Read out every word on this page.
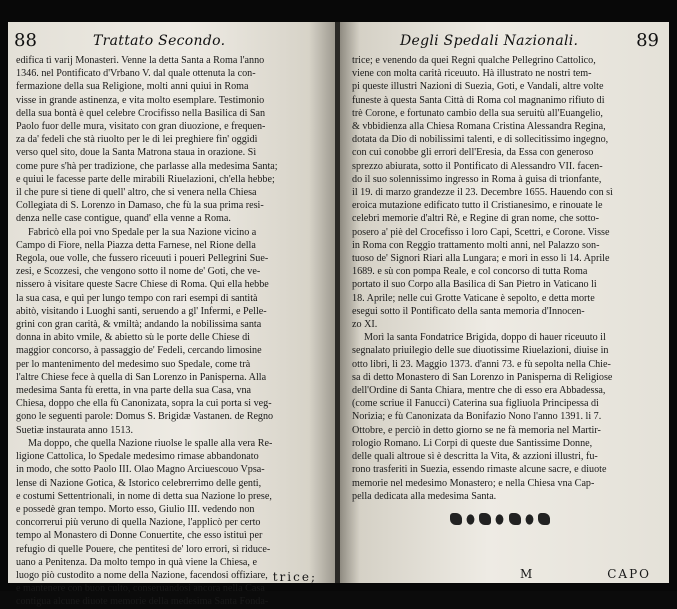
88	Trattato Secondo.

edifica tì varij Monasterì. Venne la detta Santa a Roma l'anno

1346. nel Pontificato d'Vrbano V. dal quale ottenuta la con-

fermazione della sua Religione, molti anni quiui in Roma

visse in grande astinenza, e vita molto esemplare. Testimonio

della sua bontà è quel celebre Crocifisso nella Basilica di San

Paolo fuor delle mura, visitato con gran diuozione, e frequen-

za da' fedeli che stà riuolto per le di lei preghiere fin' oggidì

verso quel sito, doue la Santa Matrona staua in orazione. Sì

come pure s'hà per tradizione, che parlasse alla medesima Santa;

e quiui le facesse parte delle mirabili Riuelazioni, ch'ella hebbe;

il che pure si tiene di quell' altro, che si venera nella Chiesa

Collegiata di S. Lorenzo in Damaso, che fù la sua prima resi-

denza nelle case contigue, quand' ella venne a Roma.

Fabricò ella poi vno Spedale per la sua Nazione vicino a

Campo di Fiore, nella Piazza detta Farnese, nel Rione della

Regola, oue volle, che fussero riceuuti i poueri Pellegrini Sue-

zesi, e Scozzesi, che vengono sotto il nome de' Goti, che ve-

nissero à visitare queste Sacre Chiese di Roma. Quì ella hebbe

la sua casa, e quì per lungo tempo con rari esempi di santità

abitò, visitando i Luoghi santi, seruendo a gl' Infermi, e Pelle-

grini con gran carità, & vmiltà; andando la nobilissima santa

donna in abito vmile, & abietto sù le porte delle Chiese di

maggior concorso, à passaggio de' Fedeli, cercando limosine

per lo mantenimento del medesimo suo Spedale, come trà

l'altre Chiese fece à quella di San Lorenzo in Panisperna. Alla

medesima Santa fù eretta, in vna parte della sua Casa, vna

Chiesa, doppo che ella fù Canonizata, sopra la cui porta si veg-

gono le seguenti parole: Domus S. Brigidæ Vastanen. de Regno

Suetiæ instaurata anno 1513.

Ma doppo, che quella Nazione riuolse le spalle alla vera Re-

ligione Cattolica, lo Spedale medesimo rimase abbandonato

in modo, che sotto Paolo III. Olao Magno Arciuescouo Vpsa-

lense di Nazione Gotica, & Istorico celebrerrimo delle genti,

e costumi Settentrionali, in nome di detta sua Nazione lo prese,

e possedè gran tempo. Morto esso, Giulio III. vedendo non

concorrerui più veruno di quella Nazione, l'applicò per certo

tempo al Monastero di Donne Conuertite, che esso istituì per

refugio di quelle Pouere, che pentitesi de' loro errori, sì riduce-

uano a Penitenza. Da molto tempo in quà viene la Chiesa, e

luogo piò custodito a nome della Nazione, facendosi offiziare,

e mantenere con buon culto, conseruandosi ancora nella Casa

contigua alcune diuote memorie della medesima Santa Fonda-

trice;
Degli Spedali Nazionali.	89

trice; e venendo da quei Regni qualche Pellegrino Cattolico,

viene con molta carità riceuuto. Hà illustrato ne nostri tem-

pi queste illustri Nazioni di Suezia, Goti, e Vandali, altre volte

funeste à questa Santa Città di Roma col magnanimo rifiuto di

trè Corone, e fortunato cambio della sua seruitù all'Euangelio,

& vbbidienza alla Chiesa Romana Cristina Alessandra Regina,

dotata da Dio di nobilissimi talenti, e di sollecitissimo ingegno,

con cui conobbe gli errori dell'Eresia, da Essa con generoso

sprezzo abiurata, sotto il Pontificato di Alessandro VII. facen-

do il suo solennissimo ingresso in Roma à guisa di trionfante,

il 19. di marzo grandezze il 23. Decembre 1655. Hauendo con sì

eroica mutazione edificato tutto il Cristianesimo, e rinouate le

celebri memorie d'altri Rè, e Regine di gran nome, che sotto-

posero a' piè del Crocefisso i loro Capi, Scettri, e Corone. Visse

in Roma con Reggio trattamento molti anni, nel Palazzo son-

tuoso de' Signori Riari alla Lungara; e morì in esso li 14. Aprile

1689. e sù con pompa Reale, e col concorso di tutta Roma

portato il suo Corpo alla Basilica di San Pietro in Vaticano li

18. Aprile; nelle cui Grotte Vaticane è sepolto, e detta morte

esegui sotto il Pontificato della santa memoria d'Innocen-

zo XI.

Morì la santa Fondatrice Brigida, doppo di hauer riceuuto il

segnalato priuilegio delle sue diuotissime Riuelazioni, diuise in

otto libri, li 23. Maggio 1373. d'anni 73. e fù sepolta nella Chie-

sa di detto Monastero di San Lorenzo in Panisperna di Religiose

dell'Ordine di Santa Chiara, mentre che di esso era Abbadessa,

(come scriue il Fanucci) Caterina sua figliuola Principessa di

Norizia; e fù Canonizata da Bonifazio Nono l'anno 1391. li 7.

Ottobre, e perciò in detto giorno se ne fà memoria nel Martir-

rologio Romano. Li Corpi di queste due Santissime Donne,

delle quali altroue sì è descritta la Vita, & azzioni illustri, fu-

rono trasferiti in Suezia, essendo rimaste alcune sacre, e diuote

memorie nel medesimo Monastero; e nella Chiesa vna Cap-

pella dedicata alla medesima Santa.

M	CAPO
